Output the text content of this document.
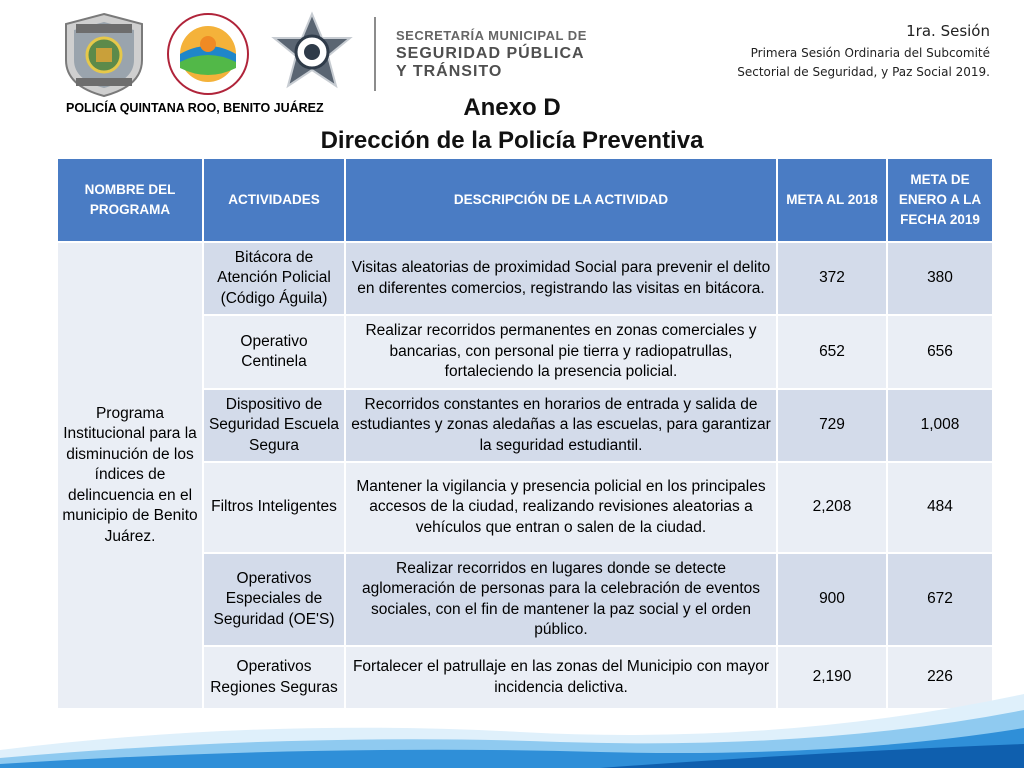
SECRETARÍA MUNICIPAL DE
SEGURIDAD PÚBLICA
Y TRÁNSITO
POLICÍA QUINTANA ROO, BENITO JUÁREZ
1ra. Sesión
Primera Sesión Ordinaria del Subcomité
Sectorial de Seguridad, y Paz Social 2019.
Anexo D
Dirección de la Policía Preventiva
NOMBRE DEL PROGRAMA	ACTIVIDADES	DESCRIPCIÓN DE LA ACTIVIDAD	META AL 2018	META DE ENERO A LA FECHA 2019
Programa Institucional para la disminución de los índices de delincuencia en el municipio de Benito Juárez.	Bitácora de Atención Policial (Código Águila)	Visitas aleatorias de proximidad Social para prevenir el delito en diferentes comercios, registrando las visitas en bitácora.	372	380
	Operativo Centinela	Realizar recorridos permanentes en zonas comerciales y bancarias, con personal pie tierra y radiopatrullas, fortaleciendo la presencia policial.	652	656
	Dispositivo de Seguridad Escuela Segura	Recorridos constantes en horarios de entrada y salida de estudiantes y zonas aledañas a las escuelas, para garantizar la seguridad estudiantil.	729	1,008
	Filtros Inteligentes	Mantener la vigilancia y presencia policial en los principales accesos de la ciudad, realizando revisiones aleatorias a vehículos que entran o salen de la ciudad.	2,208	484
	Operativos Especiales de Seguridad (OE'S)	Realizar recorridos en lugares donde se detecte aglomeración de personas para la celebración de eventos sociales, con el fin de mantener la paz social y el orden público.	900	672
	Operativos Regiones Seguras	Fortalecer el patrullaje en las zonas del Municipio con mayor incidencia delictiva.	2,190	226
